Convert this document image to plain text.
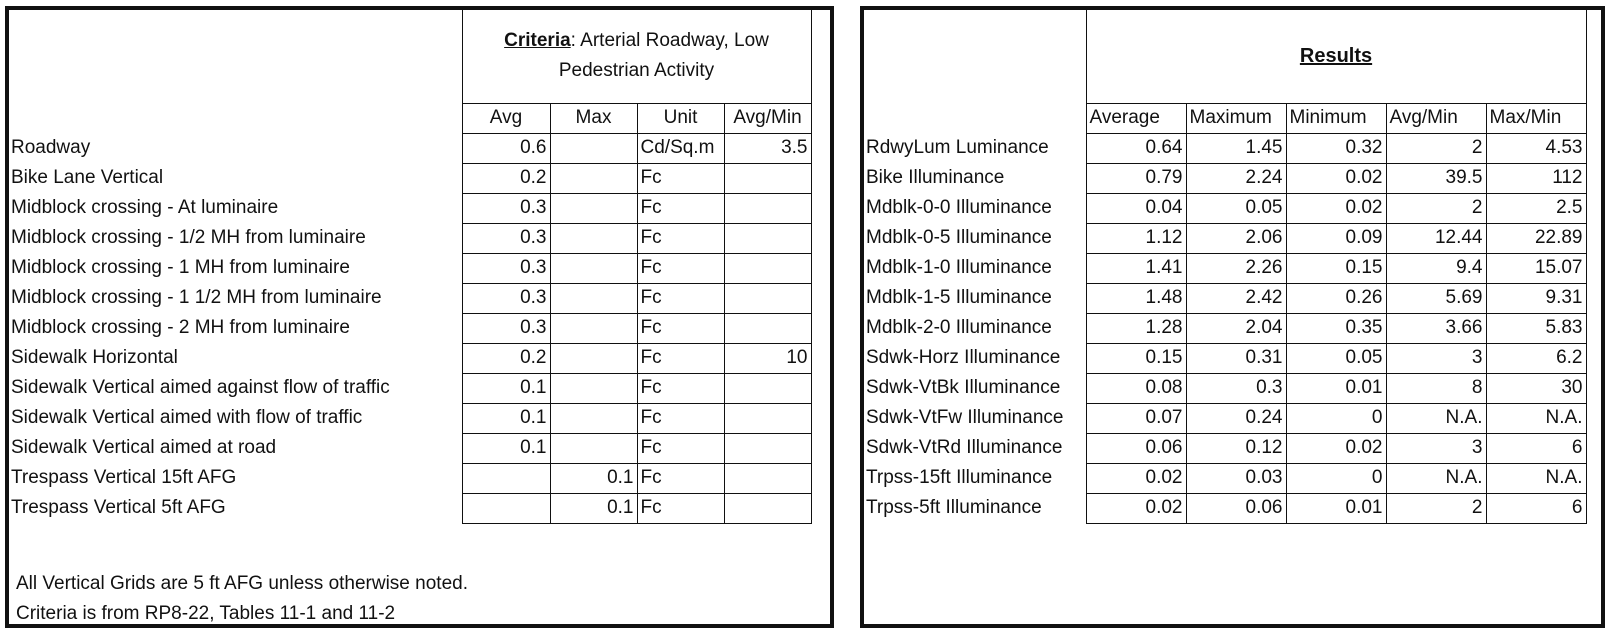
	Criteria: Arterial Roadway, Low Pedestrian Activity			
	Avg	Max	Unit	Avg/Min
Roadway	0.6		Cd/Sq.m	3.5
Bike Lane Vertical	0.2		Fc	
Midblock crossing - At luminaire	0.3		Fc	
Midblock crossing - 1/2 MH from luminaire	0.3		Fc	
Midblock crossing - 1 MH from luminaire	0.3		Fc	
Midblock crossing - 1 1/2 MH from luminaire	0.3		Fc	
Midblock crossing - 2 MH from luminaire	0.3		Fc	
Sidewalk Horizontal	0.2		Fc	10
Sidewalk Vertical aimed against flow of traffic	0.1		Fc	
Sidewalk Vertical aimed with flow of traffic	0.1		Fc	
Sidewalk Vertical aimed at road	0.1		Fc	
Trespass Vertical 15ft AFG		0.1	Fc	
Trespass Vertical 5ft AFG		0.1	Fc	
All Vertical Grids are 5 ft AFG unless otherwise noted.
Criteria is from RP8-22, Tables 11-1 and 11-2
	Results				
	Average	Maximum	Minimum	Avg/Min	Max/Min
RdwyLum Luminance	0.64	1.45	0.32	2	4.53
Bike Illuminance	0.79	2.24	0.02	39.5	112
Mdblk-0-0 Illuminance	0.04	0.05	0.02	2	2.5
Mdblk-0-5 Illuminance	1.12	2.06	0.09	12.44	22.89
Mdblk-1-0 Illuminance	1.41	2.26	0.15	9.4	15.07
Mdblk-1-5 Illuminance	1.48	2.42	0.26	5.69	9.31
Mdblk-2-0 Illuminance	1.28	2.04	0.35	3.66	5.83
Sdwk-Horz Illuminance	0.15	0.31	0.05	3	6.2
Sdwk-VtBk Illuminance	0.08	0.3	0.01	8	30
Sdwk-VtFw Illuminance	0.07	0.24	0	N.A.	N.A.
Sdwk-VtRd Illuminance	0.06	0.12	0.02	3	6
Trpss-15ft Illuminance	0.02	0.03	0	N.A.	N.A.
Trpss-5ft Illuminance	0.02	0.06	0.01	2	6
